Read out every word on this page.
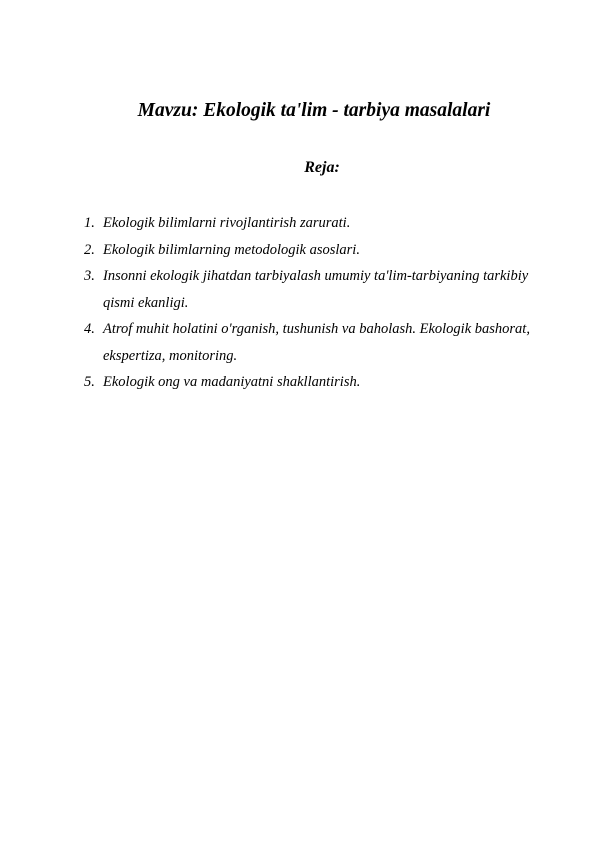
Mavzu: Ekologik ta'lim - tarbiya masalalari
Reja:
1. Ekologik bilimlarni rivojlantirish zarurati.
2. Ekologik bilimlarning metodologik asoslari.
3. Insonni ekologik jihatdan tarbiyalash umumiy ta'lim-tarbiyaning tarkibiy qismi ekanligi.
4. Atrof muhit holatini o'rganish, tushunish va baholash. Ekologik bashorat, ekspertiza, monitoring.
5. Ekologik ong va madaniyatni shakllantirish.
